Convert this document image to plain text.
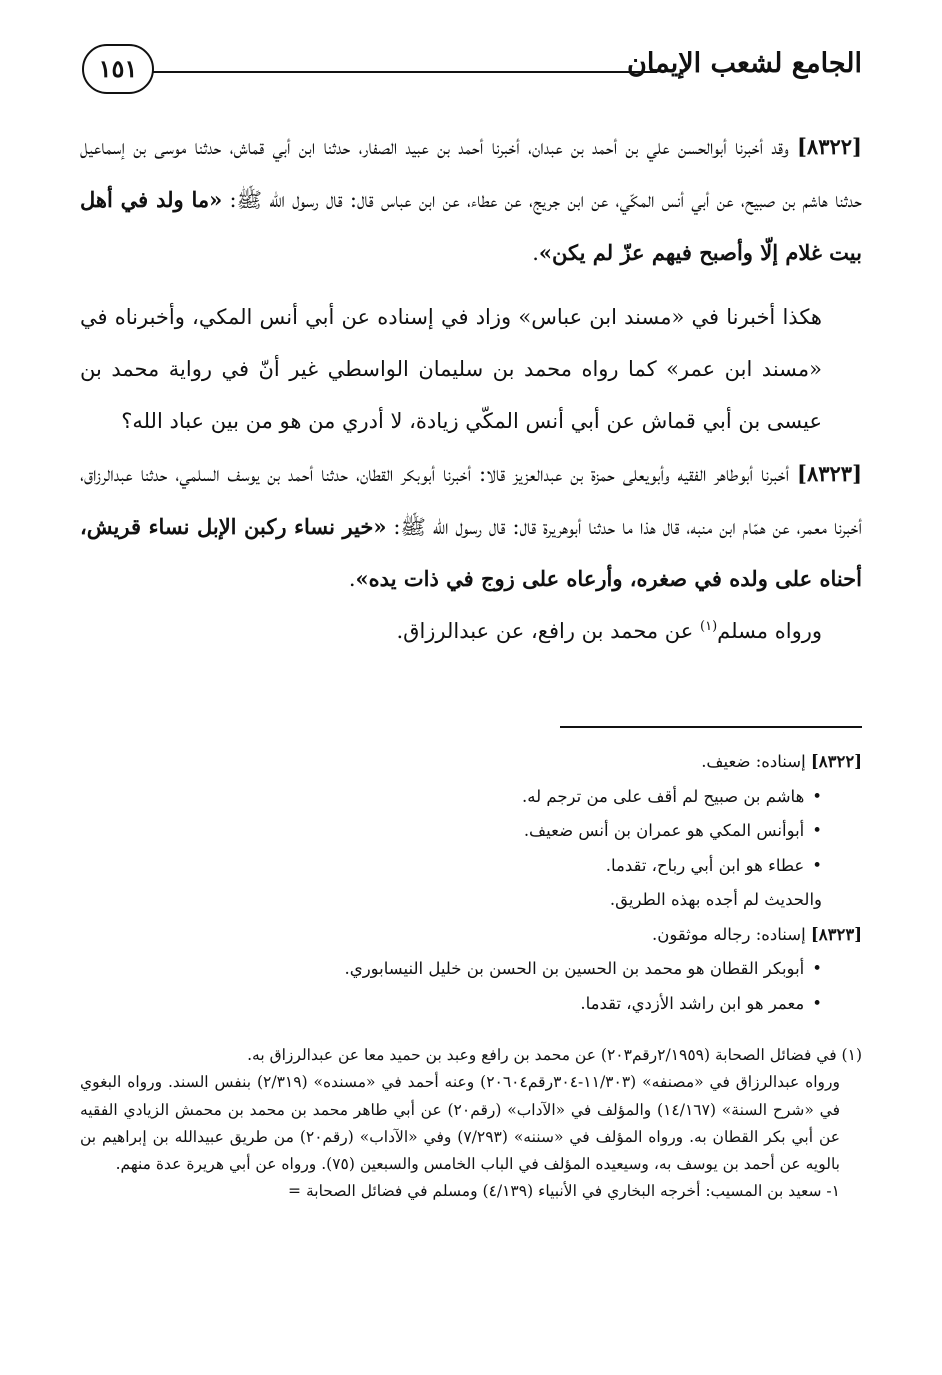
الجامع لشعب الإيمان
١٥١

[٨٣٢٢] وقد أخبرنا أبوالحسن علي بن أحمد بن عبدان، أخبرنا أحمد بن عبيد الصفار، حدثنا ابن أبي قماش، حدثنا موسى بن إسماعيل حدثنا هاشم بن صبيح، عن أبي أنس المكّي، عن ابن جريج، عن عطاء، عن ابن عباس قال: قال رسول الله ﷺ: «ما ولد في أهل بيت غلام إلّا وأصبح فيهم عزّ لم يكن».

هكذا أخبرنا في «مسند ابن عباس» وزاد في إسناده عن أبي أنس المكي، وأخبرناه في «مسند ابن عمر» كما رواه محمد بن سليمان الواسطي غير أنّ في رواية محمد بن عيسى بن أبي قماش عن أبي أنس المكّي زيادة، لا أدري من هو من بين عباد الله؟

[٨٣٢٣] أخبرنا أبوطاهر الفقيه وأبويعلى حمزة بن عبدالعزيز قالا: أخبرنا أبوبكر القطان، حدثنا أحمد بن يوسف السلمي، حدثنا عبدالرزاق، أخبرنا معمر، عن همّام ابن منبه، قال هذا ما حدثنا أبوهريرة قال: قال رسول الله ﷺ: «خير نساء ركبن الإبل نساء قريش، أحناه على ولده في صغره، وأرعاه على زوج في ذات يده».

ورواه مسلم$^{(١)}$ عن محمد بن رافع، عن عبدالرزاق.

[٨٣٢٢] إسناده: ضعيف.

• هاشم بن صبيح لم أقف على من ترجم له.

• أبوأنس المكي هو عمران بن أنس ضعيف.

• عطاء هو ابن أبي رباح، تقدما.

والحديث لم أجده بهذه الطريق.

[٨٣٢٣] إسناده: رجاله موثقون.

• أبوبكر القطان هو محمد بن الحسين بن الحسن بن خليل النيسابوري.

• معمر هو ابن راشد الأزدي، تقدما.

(١) في فضائل الصحابة (٢/١٩٥٩رقم٢٠٣) عن محمد بن رافع وعبد بن حميد معا عن عبدالرزاق به.

ورواه عبدالرزاق في «مصنفه» (١١/٣٠٣-٣٠٤رقم٢٠٦٠٤) وعنه أحمد في «مسنده» (٢/٣١٩) بنفس السند. ورواه البغوي في «شرح السنة» (١٤/١٦٧) والمؤلف في «الآداب» (رقم٢٠) عن أبي طاهر محمد بن محمد بن محمش الزيادي الفقيه عن أبي بكر القطان به. ورواه المؤلف في «سننه» (٧/٢٩٣) وفي «الآداب» (رقم٢٠) من طريق عبيدالله بن إبراهيم بن بالويه عن أحمد بن يوسف به، وسيعيده المؤلف في الباب الخامس والسبعين (٧٥). ورواه عن أبي هريرة عدة منهم.

١- سعيد بن المسيب: أخرجه البخاري في الأنبياء (٤/١٣٩) ومسلم في فضائل الصحابة =
